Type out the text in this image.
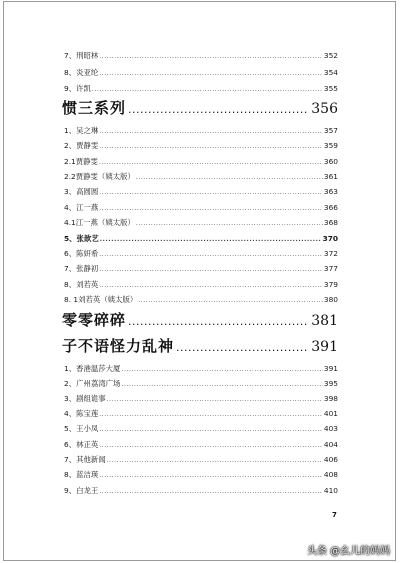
7、刑昭林 .....	352
8、炎亚纶 .....	354
9、许凯 .....	355
惯三系列 .....	356
1、吴之琳 .....	357
2、贾静雯 .....	359
2.1贾静雯 .....	360
2.2贾静雯（姨太版） .....	361
3、高圆圆 .....	363
4、江一燕 .....	366
4.1江一燕（姨太版） .....	368
5、张歆艺 .....	370
6、陈妍希 .....	372
7、张静初 .....	377
8、刘若英 .....	379
8. 1刘若英（姨太版） .....	380
零零碎碎 .....	381
子不语怪力乱神 .....	391
1、香港温莎大厦 .....	391
2、广州荔湾广场 .....	395
3、剧组诡事 .....	398
4、陈宝莲 .....	401
5、王小凤 .....	403
6、林正英 .....	404
7、其他新闻 .....	406
8、蓝洁瑛 .....	408
9、白龙王 .....	410
7
头条 @幺儿的妈妈
